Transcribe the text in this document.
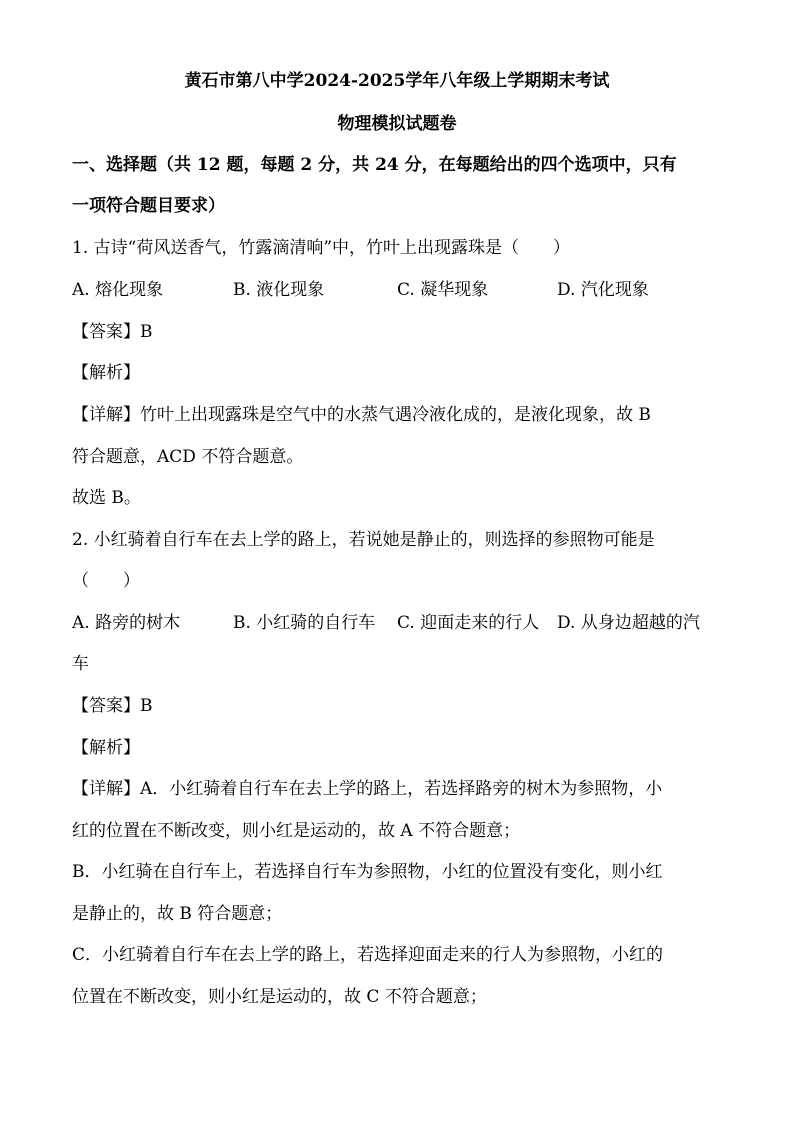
黄石市第八中学2024-2025学年八年级上学期期末考试
物理模拟试题卷
一、选择题（共 12 题，每题 2 分，共 24 分，在每题给出的四个选项中，只有
一项符合题目要求）
1. 古诗“荷风送香气，竹露滴清响”中，竹叶上出现露珠是（　　）
A. 熔化现象	B. 液化现象	C. 凝华现象	D. 汽化现象
【答案】B
【解析】
【详解】竹叶上出现露珠是空气中的水蒸气遇冷液化成的，是液化现象，故 B
符合题意，ACD 不符合题意。
故选 B。
2. 小红骑着自行车在去上学的路上，若说她是静止的，则选择的参照物可能是
（　　）
A. 路旁的树木	B. 小红骑的自行车 C. 迎面走来的行人 D. 从身边超越的汽
车
【答案】B
【解析】
【详解】A．小红骑着自行车在去上学的路上，若选择路旁的树木为参照物，小
红的位置在不断改变，则小红是运动的，故 A 不符合题意；
B．小红骑在自行车上，若选择自行车为参照物，小红的位置没有变化，则小红
是静止的，故 B 符合题意；
C．小红骑着自行车在去上学的路上，若选择迎面走来的行人为参照物，小红的
位置在不断改变，则小红是运动的，故 C 不符合题意；
